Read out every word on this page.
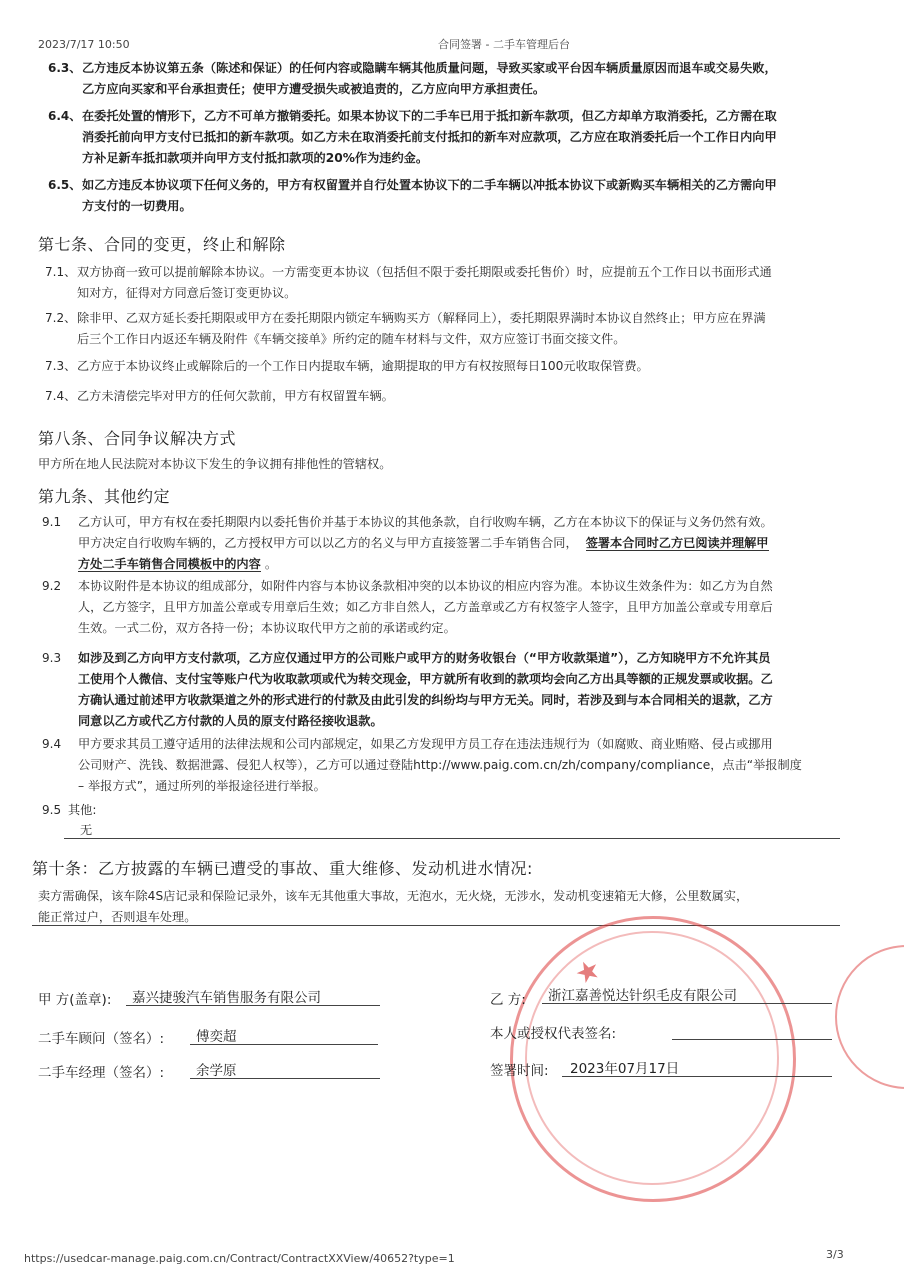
2023/7/17 10:50	合同签署 - 二手车管理后台
6.3、 乙方违反本协议第五条（陈述和保证）的任何内容或隐瞒车辆其他质量问题，导致买家或平台因车辆质量原因而退车或交易失败，
乙方应向买家和平台承担责任；使甲方遭受损失或被追责的，乙方应向甲方承担责任。
6.4、 在委托处置的情形下，乙方不可单方撤销委托。如果本协议下的二手车已用于抵扣新车款项，但乙方却单方取消委托，乙方需在取
消委托前向甲方支付已抵扣的新车款项。如乙方未在取消委托前支付抵扣的新车对应款项，乙方应在取消委托后一个工作日内向甲
方补足新车抵扣款项并向甲方支付抵扣款项的20%作为违约金。
6.5、 如乙方违反本协议项下任何义务的，甲方有权留置并自行处置本协议下的二手车辆以冲抵本协议下或新购买车辆相关的乙方需向甲
方支付的一切费用。
第七条、合同的变更，终止和解除
7.1、 双方协商一致可以提前解除本协议。一方需变更本协议（包括但不限于委托期限或委托售价）时，应提前五个工作日以书面形式通
知对方，征得对方同意后签订变更协议。
7.2、 除非甲、乙双方延长委托期限或甲方在委托期限内锁定车辆购买方（解释同上），委托期限界满时本协议自然终止；甲方应在界满
后三个工作日内返还车辆及附件《车辆交接单》所约定的随车材料与文件，双方应签订书面交接文件。
7.3、 乙方应于本协议终止或解除后的一个工作日内提取车辆，逾期提取的甲方有权按照每日100元收取保管费。
7.4、 乙方未清偿完毕对甲方的任何欠款前，甲方有权留置车辆。
第八条、合同争议解决方式
甲方所在地人民法院对本协议下发生的争议拥有排他性的管辖权。
第九条、其他约定
9.1 乙方认可，甲方有权在委托期限内以委托售价并基于本协议的其他条款，自行收购车辆，乙方在本协议下的保证与义务仍然有效。
甲方决定自行收购车辆的，乙方授权甲方可以以乙方的名义与甲方直接签署二手车销售合同， 签署本合同时乙方已阅读并理解甲
方处二手车销售合同模板中的内容 。
9.2 本协议附件是本协议的组成部分，如附件内容与本协议条款相冲突的以本协议的相应内容为准。本协议生效条件为：如乙方为自然
人，乙方签字，且甲方加盖公章或专用章后生效；如乙方非自然人，乙方盖章或乙方有权签字人签字，且甲方加盖公章或专用章后
生效。一式二份，双方各持一份；本协议取代甲方之前的承诺或约定。
9.3 如涉及到乙方向甲方支付款项，乙方应仅通过甲方的公司账户或甲方的财务收银台（“甲方收款渠道”），乙方知晓甲方不允许其员
工使用个人微信、支付宝等账户代为收取款项或代为转交现金，甲方就所有收到的款项均会向乙方出具等额的正规发票或收据。乙
方确认通过前述甲方收款渠道之外的形式进行的付款及由此引发的纠纷均与甲方无关。同时，若涉及到与本合同相关的退款，乙方
同意以乙方或代乙方付款的人员的原支付路径接收退款。
9.4 甲方要求其员工遵守适用的法律法规和公司内部规定，如果乙方发现甲方员工存在违法违规行为（如腐败、商业贿赂、侵占或挪用
公司财产、洗钱、数据泄露、侵犯人权等），乙方可以通过登陆http://www.paig.com.cn/zh/company/compliance，点击“举报制度
– 举报方式”，通过所列的举报途径进行举报。
9.5 其他:
无
第十条：乙方披露的车辆已遭受的事故、重大维修、发动机进水情况:
卖方需确保，该车除4S店记录和保险记录外，该车无其他重大事故，无泡水，无火烧，无涉水，发动机变速箱无大修，公里数属实，
能正常过户，否则退车处理。
★
甲 方(盖章): 嘉兴捷骏汽车销售服务有限公司
二手车顾问（签名）: 傅奕超
二手车经理（签名）: 余学原
乙 方: 浙江嘉善悦达针织毛皮有限公司
本人或授权代表签名:
签署时间: 2023年07月17日
https://usedcar-manage.paig.com.cn/Contract/ContractXXView/40652?type=1	3/3
